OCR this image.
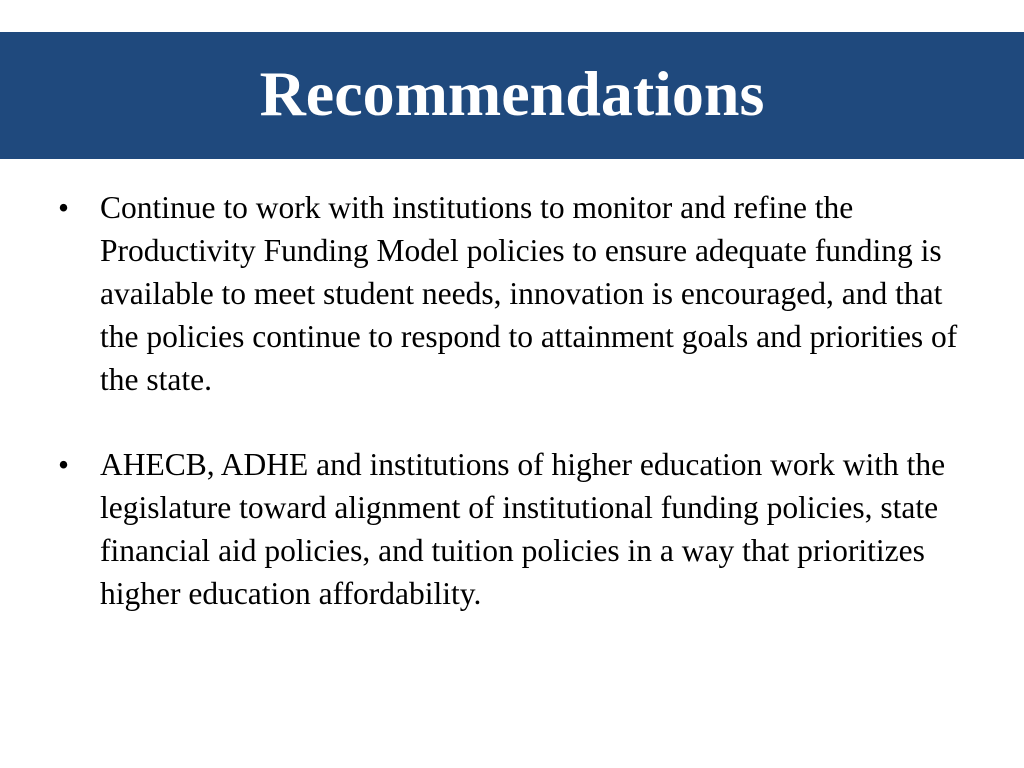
Recommendations
• Continue to work with institutions to monitor and refine the Productivity Funding Model policies to ensure adequate funding is available to meet student needs, innovation is encouraged, and that the policies continue to respond to attainment goals and priorities of the state.
• AHECB, ADHE and institutions of higher education work with the legislature toward alignment of institutional funding policies, state financial aid policies, and tuition policies in a way that prioritizes higher education affordability.
